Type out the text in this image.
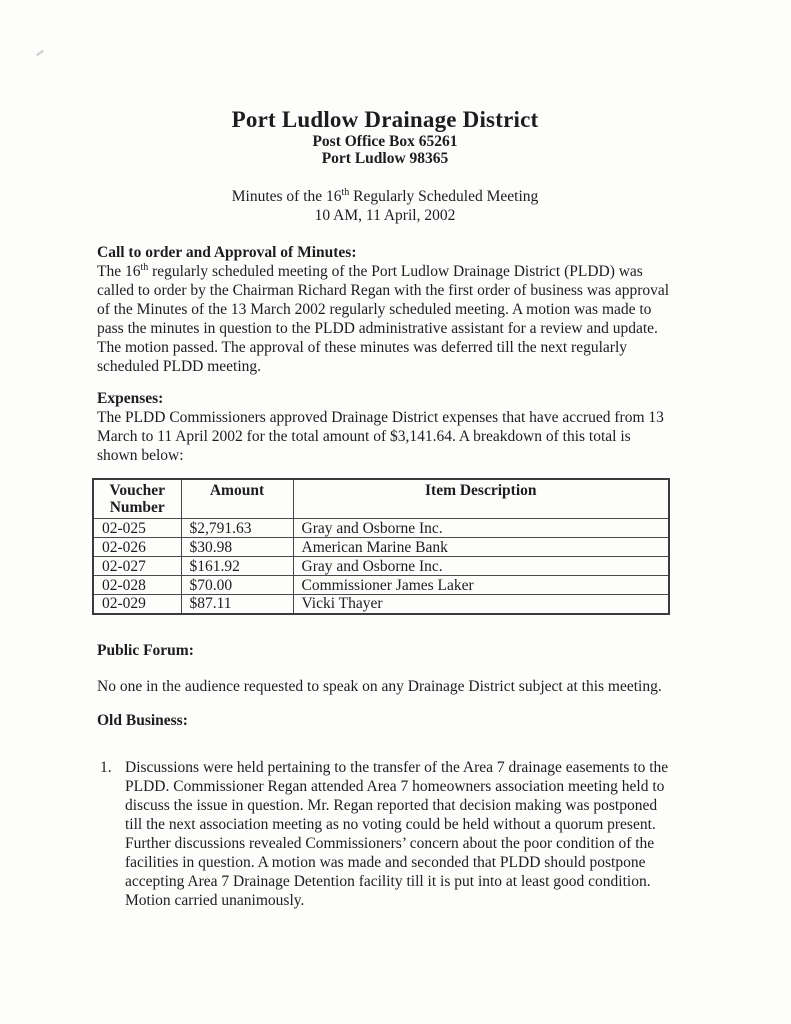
Port Ludlow Drainage District
Post Office Box 65261
Port Ludlow 98365
Minutes of the 16th Regularly Scheduled Meeting
10 AM, 11 April, 2002
Call to order and Approval of Minutes:
The 16th regularly scheduled meeting of the Port Ludlow Drainage District (PLDD) was called to order by the Chairman Richard Regan with the first order of business was approval of the Minutes of the 13 March 2002 regularly scheduled meeting. A motion was made to pass the minutes in question to the PLDD administrative assistant for a review and update. The motion passed. The approval of these minutes was deferred till the next regularly scheduled PLDD meeting.
Expenses:
The PLDD Commissioners approved Drainage District expenses that have accrued from 13 March to 11 April 2002 for the total amount of $3,141.64. A breakdown of this total is shown below:
Voucher Number	Amount	Item Description
02-025	$2,791.63	Gray and Osborne Inc.
02-026	$30.98	American Marine Bank
02-027	$161.92	Gray and Osborne Inc.
02-028	$70.00	Commissioner James Laker
02-029	$87.11	Vicki Thayer
Public Forum:
No one in the audience requested to speak on any Drainage District subject at this meeting.
Old Business:
1. Discussions were held pertaining to the transfer of the Area 7 drainage easements to the PLDD. Commissioner Regan attended Area 7 homeowners association meeting held to discuss the issue in question. Mr. Regan reported that decision making was postponed till the next association meeting as no voting could be held without a quorum present. Further discussions revealed Commissioners’ concern about the poor condition of the facilities in question. A motion was made and seconded that PLDD should postpone accepting Area 7 Drainage Detention facility till it is put into at least good condition. Motion carried unanimously.
